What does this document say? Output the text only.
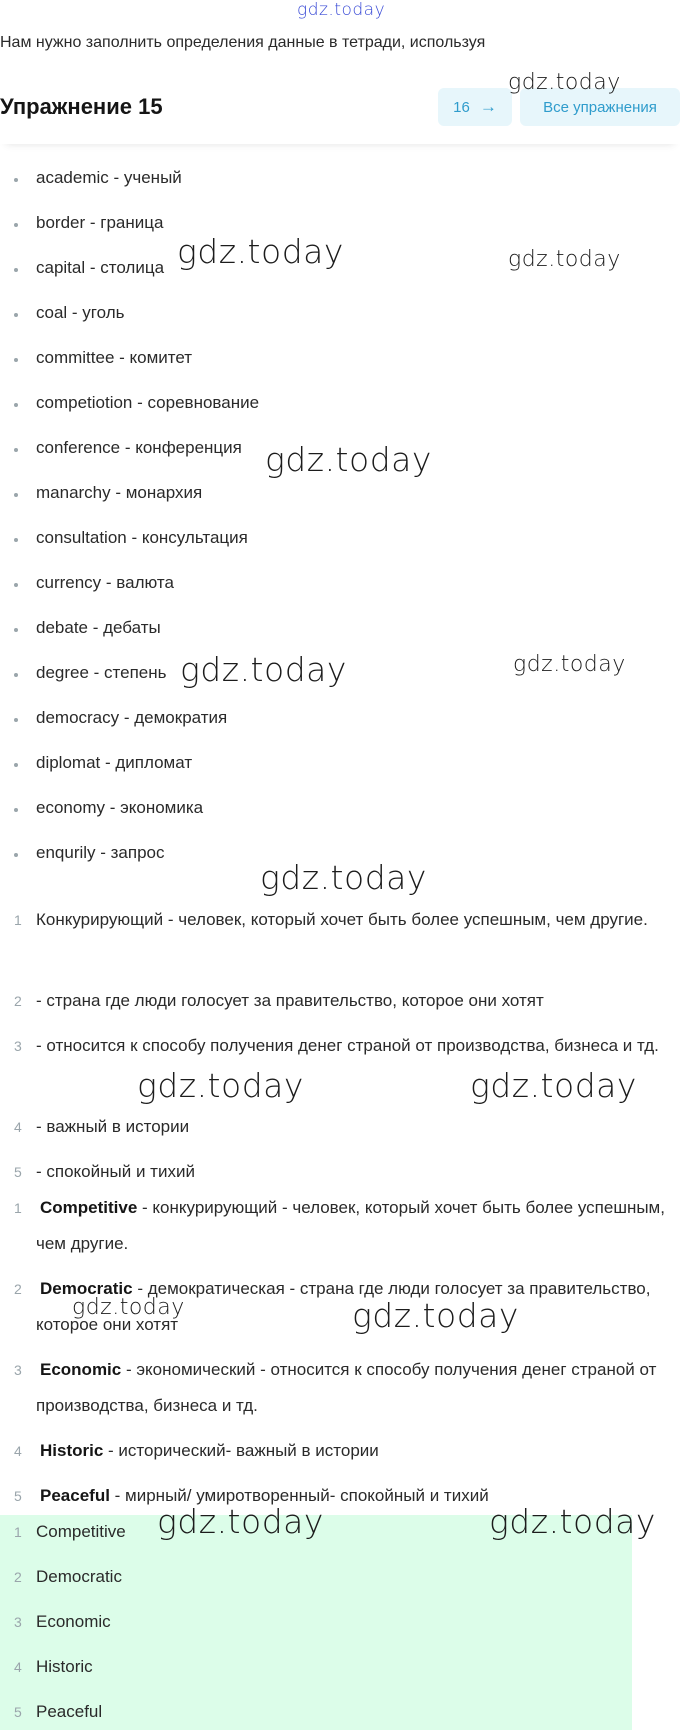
gdz.today
Нам нужно заполнить определения данные в тетради, используя
Упражнение 15	16 →	Все упражнения
academic - ученый
border - граница
capital - столица
coal - уголь
committee - комитет
competiotion - соревнование
conference - конференция
manarchy - монархия
consultation - консультация
currency - валюта
debate - дебаты
degree - степень
democracy - демократия
diplomat - дипломат
economy - экономика
enqurily - запрос
1 Конкурирующий - человек, который хочет быть более успешным, чем другие.
2 - страна где люди голосует за правительство, которое они хотят
3 - относится к способу получения денег страной от производства, бизнеса и тд.
4 - важный в истории
5 - спокойный и тихий
1	Competitive - конкурирующий - человек, который хочет быть более успешным, чем другие.
2	Democratic - демократическая - страна где люди голосует за правительство, которое они хотят
3	Economic - экономический - относится к способу получения денег страной от производства, бизнеса и тд.
4	Historic - исторический- важный в истории
5	Peaceful - мирный/ умиротворенный- спокойный и тихий
1 Competitive
2 Democratic
3 Economic
4 Historic
5 Peaceful
gdz.today
gdz.today	gdz.today
gdz.today
gdz.today	gdz.today
gdz.today
gdz.today	gdz.today
gdz.today	gdz.today
gdz.today	gdz.today
